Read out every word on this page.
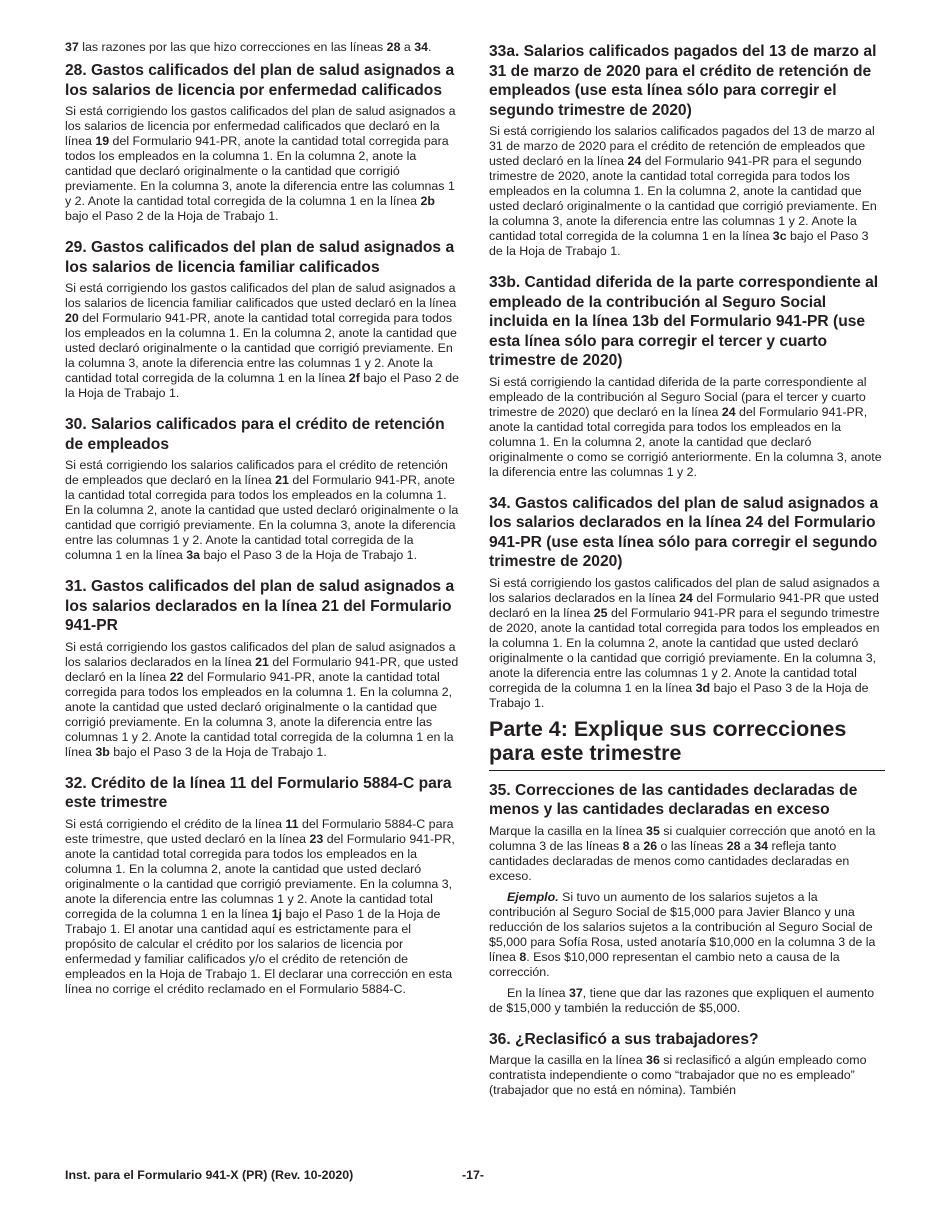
37 las razones por las que hizo correcciones en las líneas 28 a 34.

28. Gastos calificados del plan de salud asignados a los salarios de licencia por enfermedad calificados

Si está corrigiendo los gastos calificados del plan de salud asignados a los salarios de licencia por enfermedad calificados que declaró en la línea 19 del Formulario 941-PR, anote la cantidad total corregida para todos los empleados en la columna 1. En la columna 2, anote la cantidad que declaró originalmente o la cantidad que corrigió previamente. En la columna 3, anote la diferencia entre las columnas 1 y 2. Anote la cantidad total corregida de la columna 1 en la línea 2b bajo el Paso 2 de la Hoja de Trabajo 1.

29. Gastos calificados del plan de salud asignados a los salarios de licencia familiar calificados

Si está corrigiendo los gastos calificados del plan de salud asignados a los salarios de licencia familiar calificados que usted declaró en la línea 20 del Formulario 941-PR, anote la cantidad total corregida para todos los empleados en la columna 1. En la columna 2, anote la cantidad que usted declaró originalmente o la cantidad que corrigió previamente. En la columna 3, anote la diferencia entre las columnas 1 y 2. Anote la cantidad total corregida de la columna 1 en la línea 2f bajo el Paso 2 de la Hoja de Trabajo 1.

30. Salarios calificados para el crédito de retención de empleados

Si está corrigiendo los salarios calificados para el crédito de retención de empleados que declaró en la línea 21 del Formulario 941-PR, anote la cantidad total corregida para todos los empleados en la columna 1. En la columna 2, anote la cantidad que usted declaró originalmente o la cantidad que corrigió previamente. En la columna 3, anote la diferencia entre las columnas 1 y 2. Anote la cantidad total corregida de la columna 1 en la línea 3a bajo el Paso 3 de la Hoja de Trabajo 1.

31. Gastos calificados del plan de salud asignados a los salarios declarados en la línea 21 del Formulario 941-PR

Si está corrigiendo los gastos calificados del plan de salud asignados a los salarios declarados en la línea 21 del Formulario 941-PR, que usted declaró en la línea 22 del Formulario 941-PR, anote la cantidad total corregida para todos los empleados en la columna 1. En la columna 2, anote la cantidad que usted declaró originalmente o la cantidad que corrigió previamente. En la columna 3, anote la diferencia entre las columnas 1 y 2. Anote la cantidad total corregida de la columna 1 en la línea 3b bajo el Paso 3 de la Hoja de Trabajo 1.

32. Crédito de la línea 11 del Formulario 5884-C para este trimestre

Si está corrigiendo el crédito de la línea 11 del Formulario 5884-C para este trimestre, que usted declaró en la línea 23 del Formulario 941-PR, anote la cantidad total corregida para todos los empleados en la columna 1. En la columna 2, anote la cantidad que usted declaró originalmente o la cantidad que corrigió previamente. En la columna 3, anote la diferencia entre las columnas 1 y 2. Anote la cantidad total corregida de la columna 1 en la línea 1j bajo el Paso 1 de la Hoja de Trabajo 1. El anotar una cantidad aquí es estrictamente para el propósito de calcular el crédito por los salarios de licencia por enfermedad y familiar calificados y/o el crédito de retención de empleados en la Hoja de Trabajo 1. El declarar una corrección en esta línea no corrige el crédito reclamado en el Formulario 5884-C.

33a. Salarios calificados pagados del 13 de marzo al 31 de marzo de 2020 para el crédito de retención de empleados (use esta línea sólo para corregir el segundo trimestre de 2020)

Si está corrigiendo los salarios calificados pagados del 13 de marzo al 31 de marzo de 2020 para el crédito de retención de empleados que usted declaró en la línea 24 del Formulario 941-PR para el segundo trimestre de 2020, anote la cantidad total corregida para todos los empleados en la columna 1. En la columna 2, anote la cantidad que usted declaró originalmente o la cantidad que corrigió previamente. En la columna 3, anote la diferencia entre las columnas 1 y 2. Anote la cantidad total corregida de la columna 1 en la línea 3c bajo el Paso 3 de la Hoja de Trabajo 1.

33b. Cantidad diferida de la parte correspondiente al empleado de la contribución al Seguro Social incluida en la línea 13b del Formulario 941-PR (use esta línea sólo para corregir el tercer y cuarto trimestre de 2020)

Si está corrigiendo la cantidad diferida de la parte correspondiente al empleado de la contribución al Seguro Social (para el tercer y cuarto trimestre de 2020) que declaró en la línea 24 del Formulario 941-PR, anote la cantidad total corregida para todos los empleados en la columna 1. En la columna 2, anote la cantidad que declaró originalmente o como se corrigió anteriormente. En la columna 3, anote la diferencia entre las columnas 1 y 2.

34. Gastos calificados del plan de salud asignados a los salarios declarados en la línea 24 del Formulario 941-PR (use esta línea sólo para corregir el segundo trimestre de 2020)

Si está corrigiendo los gastos calificados del plan de salud asignados a los salarios declarados en la línea 24 del Formulario 941-PR que usted declaró en la línea 25 del Formulario 941-PR para el segundo trimestre de 2020, anote la cantidad total corregida para todos los empleados en la columna 1. En la columna 2, anote la cantidad que usted declaró originalmente o la cantidad que corrigió previamente. En la columna 3, anote la diferencia entre las columnas 1 y 2. Anote la cantidad total corregida de la columna 1 en la línea 3d bajo el Paso 3 de la Hoja de Trabajo 1.

Parte 4: Explique sus correcciones para este trimestre
35. Correcciones de las cantidades declaradas de menos y las cantidades declaradas en exceso

Marque la casilla en la línea 35 si cualquier corrección que anotó en la columna 3 de las líneas 8 a 26 o las líneas 28 a 34 refleja tanto cantidades declaradas de menos como cantidades declaradas en exceso.

Ejemplo. Si tuvo un aumento de los salarios sujetos a la contribución al Seguro Social de $15,000 para Javier Blanco y una reducción de los salarios sujetos a la contribución al Seguro Social de $5,000 para Sofía Rosa, usted anotaría $10,000 en la columna 3 de la línea 8. Esos $10,000 representan el cambio neto a causa de la corrección.

En la línea 37, tiene que dar las razones que expliquen el aumento de $15,000 y también la reducción de $5,000.

36. ¿Reclasificó a sus trabajadores?

Marque la casilla en la línea 36 si reclasificó a algún empleado como contratista independiente o como “trabajador que no es empleado” (trabajador que no está en nómina). También

Inst. para el Formulario 941-X (PR) (Rev. 10-2020)	-17-
